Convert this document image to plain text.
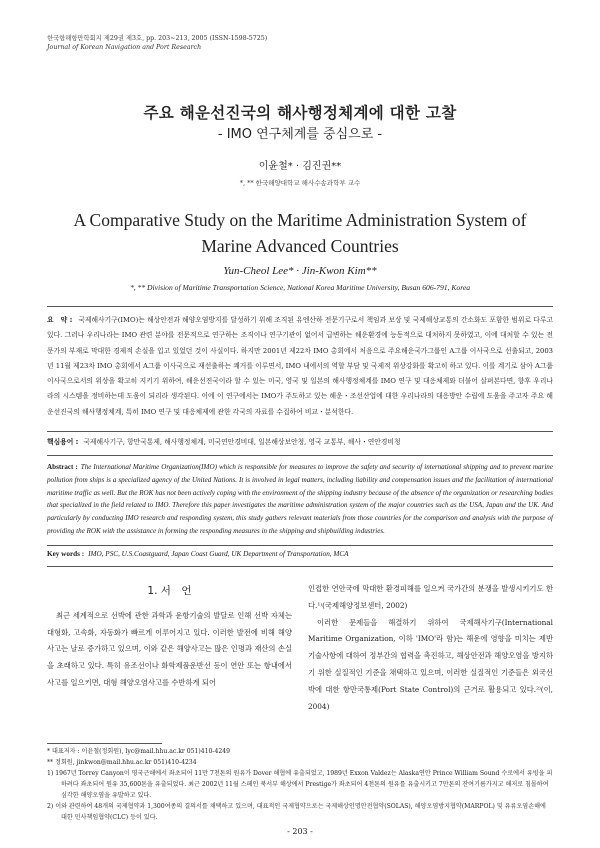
한국항해항만학회지 제29권 제3호, pp. 203~213, 2005 (ISSN-1598-5725)
Journal of Korean Navigation and Port Research
주요 해운선진국의 해사행정체계에 대한 고찰
- IMO 연구체계를 중심으로 -
이윤철* · 김진권**
*, ** 한국해양대학교 해사수송과학부 교수
A Comparative Study on the Maritime Administration System of Marine Advanced Countries
Yun-Cheol Lee* · Jin-Kwon Kim**
*, ** Division of Maritime Transportation Science, National Korea Maritime University, Busan 606-791, Korea
요　약 : 국제해사기구(IMO)는 해상안전과 해양오염방지를 달성하기 위해 조직된 유엔산하 전문기구로서 책임과 보상 및 국제해상교통의 간소화도 포함한 범위로 다루고 있다. 그러나 우리나라는 IMO 관련 분야를 전문적으로 연구하는 조직이나 연구기관이 없어서 급변하는 해운환경에 능동적으로 대처하지 못하였고, 이에 대처할 수 있는 전문가의 부재로 막대한 경제적 손실을 입고 있었던 것이 사실이다. 하지만 2001년 제22차 IMO 총회에서 처음으로 주요해운국가그룹인 A그룹 이사국으로 선출되고, 2003년 11월 제23차 IMO 총회에서 A그룹 이사국으로 재선출하는 쾌거를 이루면서, IMO 내에서의 역할 부담 및 국제적 위상강화를 확고히 하고 있다. 이를 계기로 삼아 A그룹 이사국으로서의 위상을 확고히 지키기 위하여, 해운선진국이라 할 수 있는 미국, 영국 및 일본의 해사행정체계를 IMO 연구 및 대응체제와 더불어 살펴본다면, 향후 우리나라의 시스템을 정비하는데 도움이 되리라 생각된다. 이에 이 연구에서는 IMO가 주도하고 있는 해운・조선산업에 대한 우리나라의 대응방안 수립에 도움을 주고자 주요 해운선진국의 해사행정체계, 특히 IMO 연구 및 대응체제에 관한 각국의 자료를 수집하여 비교・분석한다.
핵심용어 : 국제해사기구, 항만국통제, 해사행정체계, 미국연안경비대, 일본해상보안청, 영국 교통부, 해사・연안경비청
Abstract : The International Maritime Organization(IMO) which is responsible for measures to improve the safety and security of international shipping and to prevent marine pollution from ships is a specialized agency of the United Nations. It is involved in legal matters, including liability and compensation issues and the facilitation of international maritime traffic as well. But the ROK has not been actively coping with the environment of the shipping industry because of the absence of the organization or researching bodies that specialized in the field related to IMO. Therefore this paper investigates the maritime administration system of the major countries such as the USA, Japan and the UK. And particularly by conducting IMO research and responding system, this study gathers relevant materials from those countries for the comparison and analysis with the purpose of providing the ROK with the assistance in forming the responding measures in the shipping and shipbuilding industries.
Key words : IMO, PSC, U.S.Coastguard, Japan Coast Guard, UK Department of Transportation, MCA
1. 서　언

최근 세계적으로 선박에 관한 과학과 운항기술의 발달로 인해 선박 자체는 대형화, 고속화, 자동화가 빠르게 이루어지고 있다. 이러한 발전에 비해 해양사고는 날로 증가하고 있으며, 이와 같은 해양사고는 많은 인명과 재산의 손실을 초래하고 있다. 특히 유조선이나 화학제품운반선 등이 연안 또는 항내에서 사고를 일으키면, 대형 해양오염사고를 수반하게 되어

인접한 연안국에 막대한 환경피해를 일으켜 국가간의 분쟁을 발생시키기도 한다.¹⁾(국제해양정보센터, 2002)

이러한 문제들을 해결하기 위하여 국제해사기구(International Maritime Organization, 이하 'IMO'라 함)는 해운에 영향을 미치는 제반 기술사항에 대하여 정부간의 협력을 촉진하고, 해상안전과 해양오염을 방지하기 위한 실질적인 기준을 채택하고 있으며, 이러한 실질적인 기준들은 외국선박에 대한 항만국통제(Port State Control)의 근거로 활용되고 있다.²⁾(이, 2004)

* 대표저자 : 이윤철(정회원), lyc@mail.hhu.ac.kr 051)410-4249

** 정회원, jinkwon@mail.hhu.ac.kr 051)410-4234

1) 1967년 Torrey Canyon이 영국근해에서 좌초되어 11만 7천톤의 원유가 Dover 해협에 유출되었고, 1989년 Exxon Valdez는 Alaska연안 Prince William Sound 수로에서 유빙을 피하려다 좌초되어 원유 35,600톤을 유출되었다. 최근 2002년 11월 스페인 북서부 해상에서 Prestige가 좌초되어 4천톤의 원유를 유출시키고 7만톤의 잔여기름가지고 해저로 침몰하여 심각한 해양오염을 유발하고 있다.

2) 이와 관련하여 48개의 국제협약과 1,300여종의 결의서를 채택하고 있으며, 대표적인 국제협약으로는 국제해상인명안전협약(SOLAS), 해양오염방지협약(MARPOL) 및 유류오염손해에 대한 민사책임협약(CLC) 등이 있다.

- 203 -
